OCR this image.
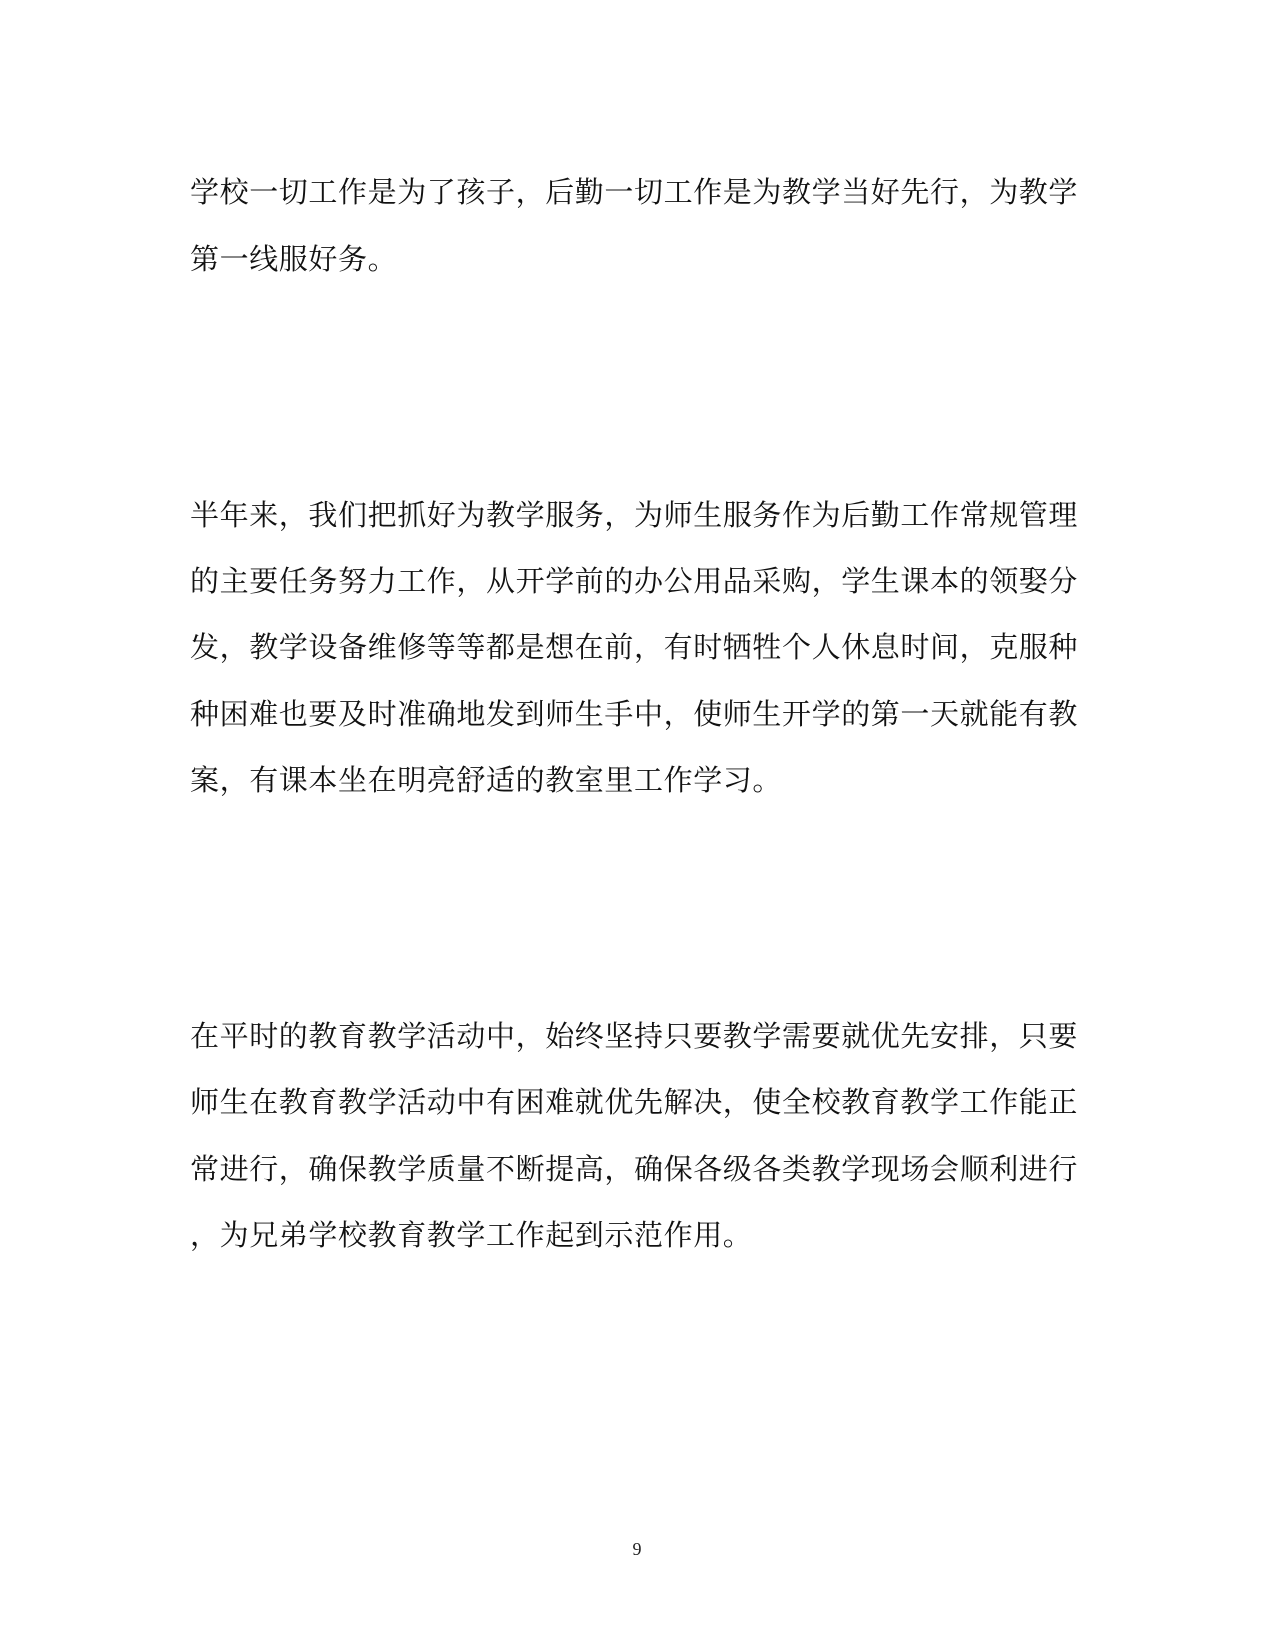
学校一切工作是为了孩子，后勤一切工作是为教学当好先行，为教学
第一线服好务。
半年来，我们把抓好为教学服务，为师生服务作为后勤工作常规管理
的主要任务努力工作，从开学前的办公用品采购，学生课本的领娶分
发，教学设备维修等等都是想在前，有时牺牲个人休息时间，克服种
种困难也要及时准确地发到师生手中，使师生开学的第一天就能有教
案，有课本坐在明亮舒适的教室里工作学习。
在平时的教育教学活动中，始终坚持只要教学需要就优先安排，只要
师生在教育教学活动中有困难就优先解决，使全校教育教学工作能正
常进行，确保教学质量不断提高，确保各级各类教学现场会顺利进行
，为兄弟学校教育教学工作起到示范作用。
9
